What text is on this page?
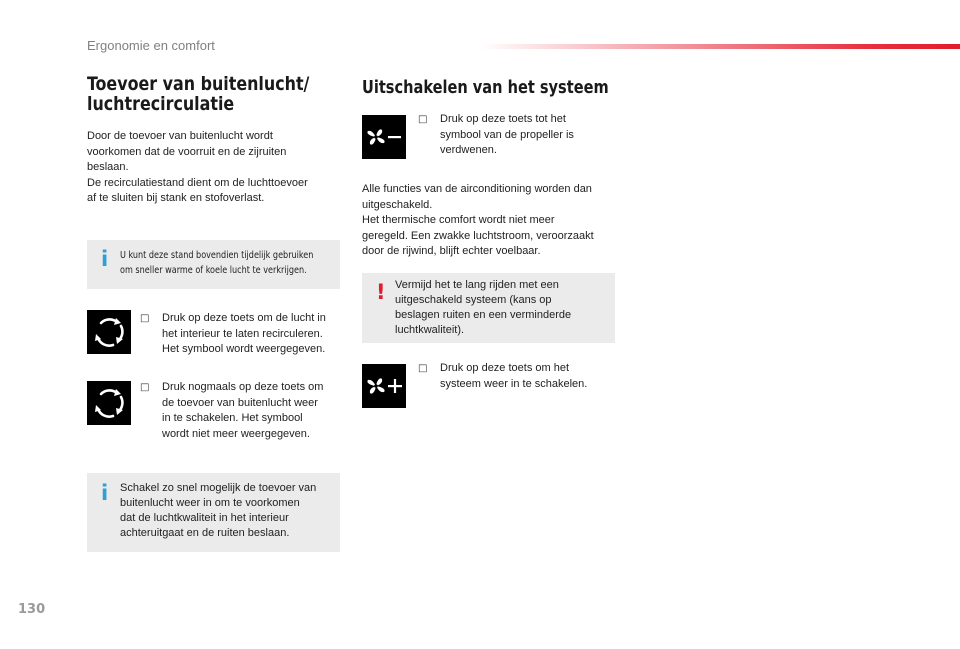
Ergonomie en comfort
Toevoer van buitenlucht/
luchtrecirculatie
Door de toevoer van buitenlucht wordt
voorkomen dat de voorruit en de zijruiten
beslaan.
De recirculatiestand dient om de luchttoevoer
af te sluiten bij stank en stofoverlast.
i U kunt deze stand bovendien tijdelijk gebruiken
om sneller warme of koele lucht te verkrijgen.
□	Druk op deze toets om de lucht in
het interieur te laten recirculeren.
Het symbool wordt weergegeven.
□	Druk nogmaals op deze toets om
de toevoer van buitenlucht weer
in te schakelen. Het symbool
wordt niet meer weergegeven.
i Schakel zo snel mogelijk de toevoer van
buitenlucht weer in om te voorkomen
dat de luchtkwaliteit in het interieur
achteruitgaat en de ruiten beslaan.
Uitschakelen van het systeem
□	Druk op deze toets tot het
symbool van de propeller is
verdwenen.
Alle functies van de airconditioning worden dan
uitgeschakeld.
Het thermische comfort wordt niet meer
geregeld. Een zwakke luchtstroom, veroorzaakt
door de rijwind, blijft echter voelbaar.
! Vermijd het te lang rijden met een
uitgeschakeld systeem (kans op
beslagen ruiten en een verminderde
luchtkwaliteit).
□	Druk op deze toets om het
systeem weer in te schakelen.
130
